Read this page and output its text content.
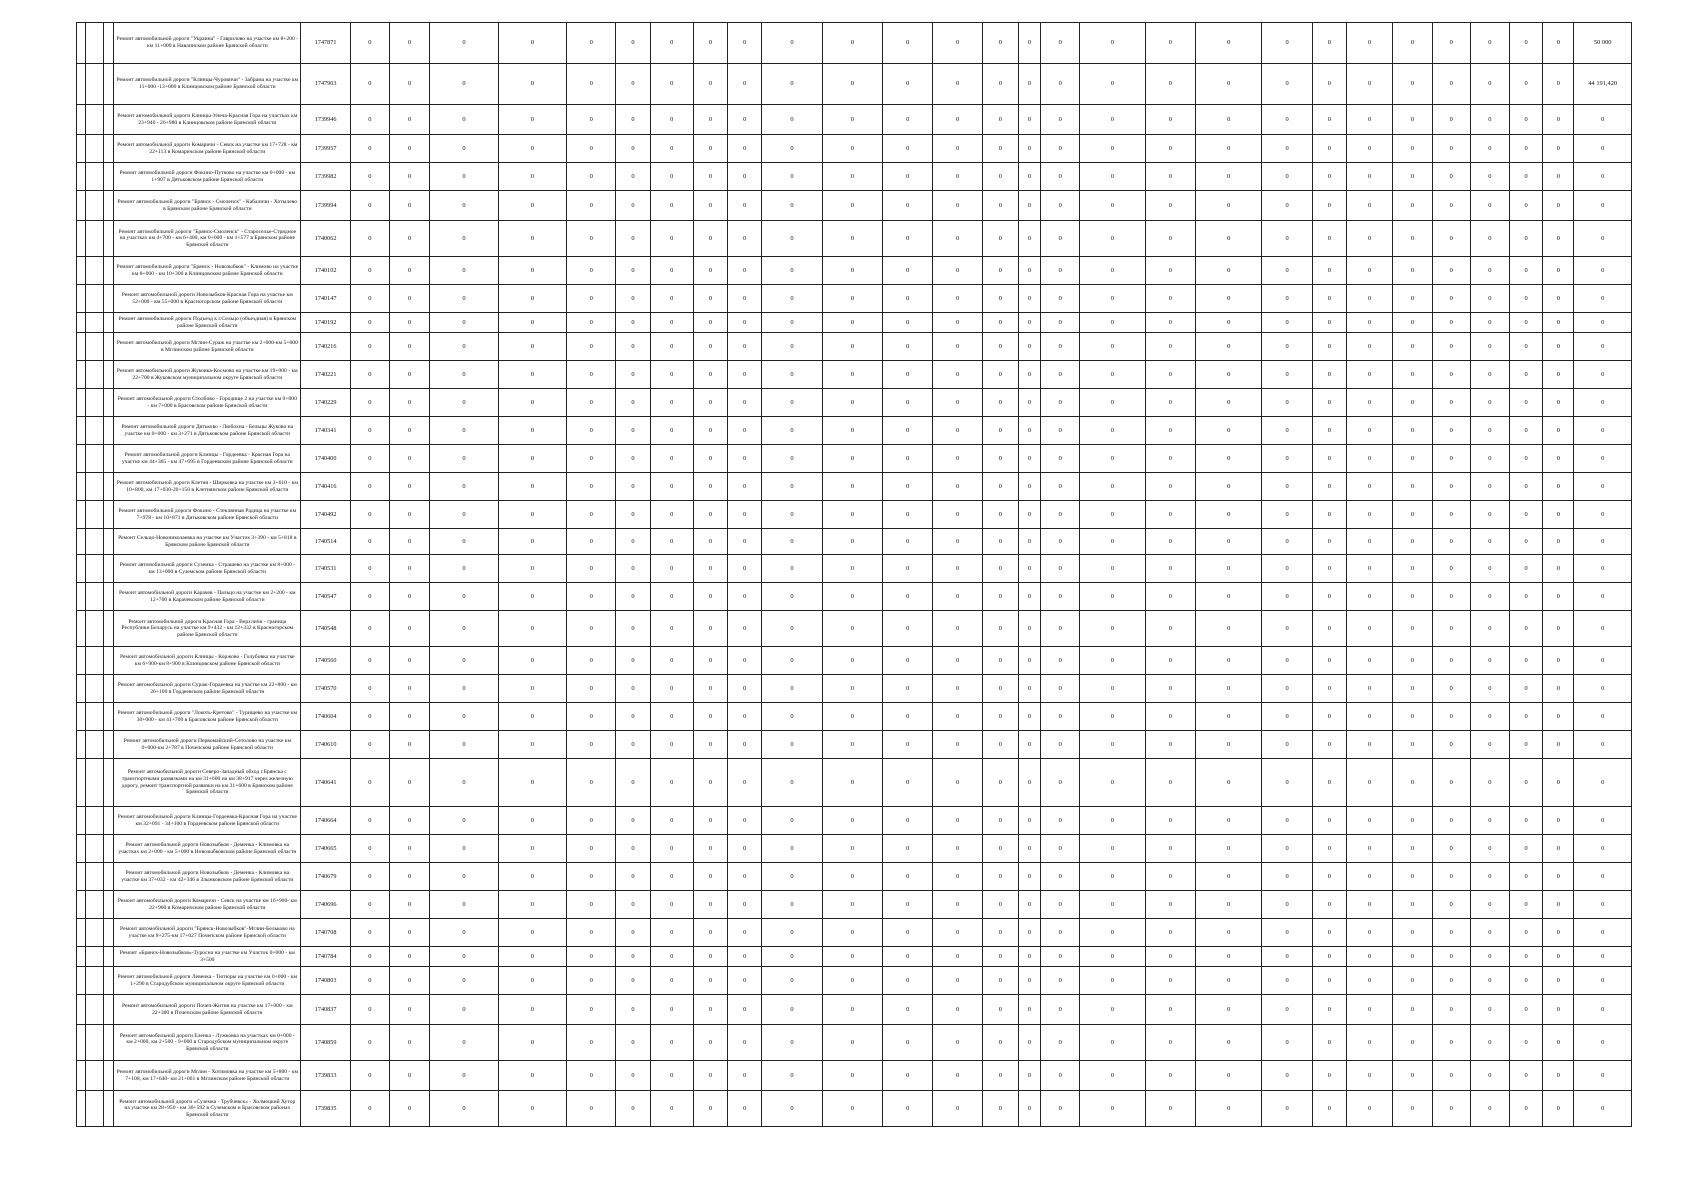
			Ремонт автомобильной дороги "Украина" - Гаврилово на участке км 8+200 - км 11+000 в Навлинском районе Брянской области	1747871	0	0	0	0	0	0	0	0	0	0	0	0	0	0	0	0	0	0	0	0	0	0	0	0	0	0	0	50 000
			Ремонт автомобильной дороги "Клинцы-Чуровичи" - Забрама на участке км 11+000 -13+000 в Клинцовском районе Брянской области	1747903	0	0	0	0	0	0	0	0	0	0	0	0	0	0	0	0	0	0	0	0	0	0	0	0	0	0	0	44 191,420
			Ремонт автомобильной дороги Клинцы-Унеча-Красная Гора на участках км 23+940 - 26+980 в Клинцовском районе Брянской области	1739946	0	0	0	0	0	0	0	0	0	0	0	0	0	0	0	0	0	0	0	0	0	0	0	0	0	0	0	0
			Ремонт автомобильной дороги Комаричи - Севск на участке км 17+728 - км 22+113 в Комаричском районе Брянской области	1739957	0	0	0	0	0	0	0	0	0	0	0	0	0	0	0	0	0	0	0	0	0	0	0	0	0	0	0	0
			Ремонт автомобильной дороги Фокино-Путково на участке км 0+000 - км 1+907 в Дятьковском районе Брянской области	1739982	0	0	0	0	0	0	0	0	0	0	0	0	0	0	0	0	0	0	0	0	0	0	0	0	0	0	0	0
			Ремонт автомобильной дороги "Брянск - Смоленск" - Кабаличи - Хотылево в Брянском районе Брянской области	1739994	0	0	0	0	0	0	0	0	0	0	0	0	0	0	0	0	0	0	0	0	0	0	0	0	0	0	0	0
			Ремонт автомобильной дороги "Брянск-Смоленск" - Староселье-Стрядное на участках км 4+700 - км 6+400, км 0+000 - км 1+577 в Брянском районе Брянской области	1740062	0	0	0	0	0	0	0	0	0	0	0	0	0	0	0	0	0	0	0	0	0	0	0	0	0	0	0	0
			Ремонт автомобильной дороги "Брянск - Новозыбков" - Климово на участке км 8+000 - км 10+300 в Клинцовском районе Брянской области	1740102	0	0	0	0	0	0	0	0	0	0	0	0	0	0	0	0	0	0	0	0	0	0	0	0	0	0	0	0
			Ремонт автомобильной дороги Новозыбков-Красная Гора на участке км 52+000 - км 55+000 в Красногорском районе Брянской области	1740147	0	0	0	0	0	0	0	0	0	0	0	0	0	0	0	0	0	0	0	0	0	0	0	0	0	0	0	0
			Ремонт автомобильной дороги Подъезд к г.Сельцо (объездная) в Брянском районе Брянской области	1740192	0	0	0	0	0	0	0	0	0	0	0	0	0	0	0	0	0	0	0	0	0	0	0	0	0	0	0	0
			Ремонт автомобильной дороги Мглин-Сураж на участке км 2+000-км 5+000 в Мглинском районе Брянской области	1740216	0	0	0	0	0	0	0	0	0	0	0	0	0	0	0	0	0	0	0	0	0	0	0	0	0	0	0	0
			Ремонт автомобильной дороги Жуковка-Космово на участке км 19+000 - км 22+700 в Жуковском муниципальном округе Брянской области	1740221	0	0	0	0	0	0	0	0	0	0	0	0	0	0	0	0	0	0	0	0	0	0	0	0	0	0	0	0
			Ремонт автомобильной дороги Столбово - Городище 2 на участке км 0+000 - км 7+000 в Брасовском районе Брянской области	1740229	0	0	0	0	0	0	0	0	0	0	0	0	0	0	0	0	0	0	0	0	0	0	0	0	0	0	0	0
			Ремонт автомобильной дороги Дятьково - Любохна - Бельцы Жуково на участке км 0+000 - км 3+271 в Дятьковском районе Брянской области	1740341	0	0	0	0	0	0	0	0	0	0	0	0	0	0	0	0	0	0	0	0	0	0	0	0	0	0	0	0
			Ремонт автомобильной дороги Клинцы - Гордеевка - Красная Гора на участке км 44+365 - км 47+695 в Гордеевском районе Брянской области	1740400	0	0	0	0	0	0	0	0	0	0	0	0	0	0	0	0	0	0	0	0	0	0	0	0	0	0	0	0
			Ремонт автомобильной дороги Клетня - Ширковка на участке км 3+610 - км 10+800, км 17+030-20+150 в Клетнянском районе Брянской области	1740416	0	0	0	0	0	0	0	0	0	0	0	0	0	0	0	0	0	0	0	0	0	0	0	0	0	0	0	0
			Ремонт автомобильной дороги Фокино - Стеклянная Радица на участке км 7+978 - км 10+871 в Дятьковском районе Брянской области	1740492	0	0	0	0	0	0	0	0	0	0	0	0	0	0	0	0	0	0	0	0	0	0	0	0	0	0	0	0
			Ремонт Сельцо-Новониколаевка на участке км Участок 3+390 - км 5+818 в Брянском районе Брянской области	1740514	0	0	0	0	0	0	0	0	0	0	0	0	0	0	0	0	0	0	0	0	0	0	0	0	0	0	0	0
			Ремонт автомобильной дороги Суземка - Страшево на участке км 8+000 - км 13+000 в Суземском районе Брянской области	1740531	0	0	0	0	0	0	0	0	0	0	0	0	0	0	0	0	0	0	0	0	0	0	0	0	0	0	0	0
			Ремонт автомобильной дороги Карачев - Пальцо на участке км 2+200 - км 12+700 в Карачевском районе Брянской области	1740547	0	0	0	0	0	0	0	0	0	0	0	0	0	0	0	0	0	0	0	0	0	0	0	0	0	0	0	0
			Ремонт автомобильной дороги Красная Гора - Верхличи - граница Республики Беларусь на участке км 9+432 - км 12+332 в Красногорском районе Брянской области	1740548	0	0	0	0	0	0	0	0	0	0	0	0	0	0	0	0	0	0	0	0	0	0	0	0	0	0	0	0
			Ремонт автомобильной дороги Клинцы - Коржово - Голубовка на участке км 6+900-км 8+900 в Клинцовском районе Брянской области	1740560	0	0	0	0	0	0	0	0	0	0	0	0	0	0	0	0	0	0	0	0	0	0	0	0	0	0	0	0
			Ремонт автомобильной дороги Сураж-Гордеевка на участке км 22+800 - км 26+100 в Гордеевском районе Брянской области	1740570	0	0	0	0	0	0	0	0	0	0	0	0	0	0	0	0	0	0	0	0	0	0	0	0	0	0	0	0
			Ремонт автомобильной дороги "Локоть-Кретово" - Турищево на участке км 30+000 - км 41+700 в Брасовском районе Брянской области	1740604	0	0	0	0	0	0	0	0	0	0	0	0	0	0	0	0	0	0	0	0	0	0	0	0	0	0	0	0
			Ремонт автомобильной дороги Первомайский-Сетолово на участке км 0+000-км 2+787 в Почепском районе Брянской области	1740610	0	0	0	0	0	0	0	0	0	0	0	0	0	0	0	0	0	0	0	0	0	0	0	0	0	0	0	0
			Ремонт автомобильной дороги Северо-Западный обход г.Брянска с транспортными развязками на км 31+600 на км 38+917 через железную дорогу, ремонт транспортной развязки на км 31+600 в Брянском районе Брянской области	1740641	0	0	0	0	0	0	0	0	0	0	0	0	0	0	0	0	0	0	0	0	0	0	0	0	0	0	0	0
			Ремонт автомобильной дороги Клинцы-Гордеевка-Красная Гора на участке км 32+091 - 34+100 в Гордеевском районе Брянской области	1740664	0	0	0	0	0	0	0	0	0	0	0	0	0	0	0	0	0	0	0	0	0	0	0	0	0	0	0	0
			Ремонт автомобильной дороги Новозыбков - Деменка - Климовка на участках км 2+000 - км 5+000 в Новозыбковском районе Брянской области	1740665	0	0	0	0	0	0	0	0	0	0	0	0	0	0	0	0	0	0	0	0	0	0	0	0	0	0	0	0
			Ремонт автомобильной дороги Новозыбков - Деменка - Климовка на участке км 37+032 - км 42+346 в Злынковском районе Брянской области	1740679	0	0	0	0	0	0	0	0	0	0	0	0	0	0	0	0	0	0	0	0	0	0	0	0	0	0	0	0
			Ремонт автомобильной дороги Комаричи - Севск на участке км 16+900- км 22+900 в Комаричском районе Брянской области	1740696	0	0	0	0	0	0	0	0	0	0	0	0	0	0	0	0	0	0	0	0	0	0	0	0	0	0	0	0
			Ремонт автомобильной дороги "Брянск-Новозыбков"-Мглин-Бельково на участке км 8+275-км 17+027 Почепском районе Брянской области	1740708	0	0	0	0	0	0	0	0	0	0	0	0	0	0	0	0	0	0	0	0	0	0	0	0	0	0	0	0
			Ремонт «Брянск-Новозыбков»-Туросна на участке км Участок 0+000 - км 3+500	1740784	0	0	0	0	0	0	0	0	0	0	0	0	0	0	0	0	0	0	0	0	0	0	0	0	0	0	0	0
			Ремонт автомобильной дороги Левенка - Тютюры на участке км 0+000 - км 1+290 в Стародубском муниципальном округе Брянской области	1740803	0	0	0	0	0	0	0	0	0	0	0	0	0	0	0	0	0	0	0	0	0	0	0	0	0	0	0	0
			Ремонт автомобильной дороги Почеп-Житня на участке км 17+000 - км 22+300 в Почепском районе Брянской области	1740837	0	0	0	0	0	0	0	0	0	0	0	0	0	0	0	0	0	0	0	0	0	0	0	0	0	0	0	0
			Ремонт автомобильной дороги Еленка - Лужковка на участках км 0+000 - км 2+000, км 2+500 - 9+000 в Стародубском муниципальном округе Брянской области	1740859	0	0	0	0	0	0	0	0	0	0	0	0	0	0	0	0	0	0	0	0	0	0	0	0	0	0	0	0
			Ремонт автомобильной дороги Мглин - Хотимовка на участке км 5+800 - км 7+108, км 17+640- км 21+061 в Мглинском районе Брянской области	1739833	0	0	0	0	0	0	0	0	0	0	0	0	0	0	0	0	0	0	0	0	0	0	0	0	0	0	0	0
			Ремонт автомобильной дороги «Суземка - Трубчевск» - Холмецкий Хутор на участке км 28+950 - км 36+592 в Суземском и Брасовском районах Брянской области	1739835	0	0	0	0	0	0	0	0	0	0	0	0	0	0	0	0	0	0	0	0	0	0	0	0	0	0	0	0
